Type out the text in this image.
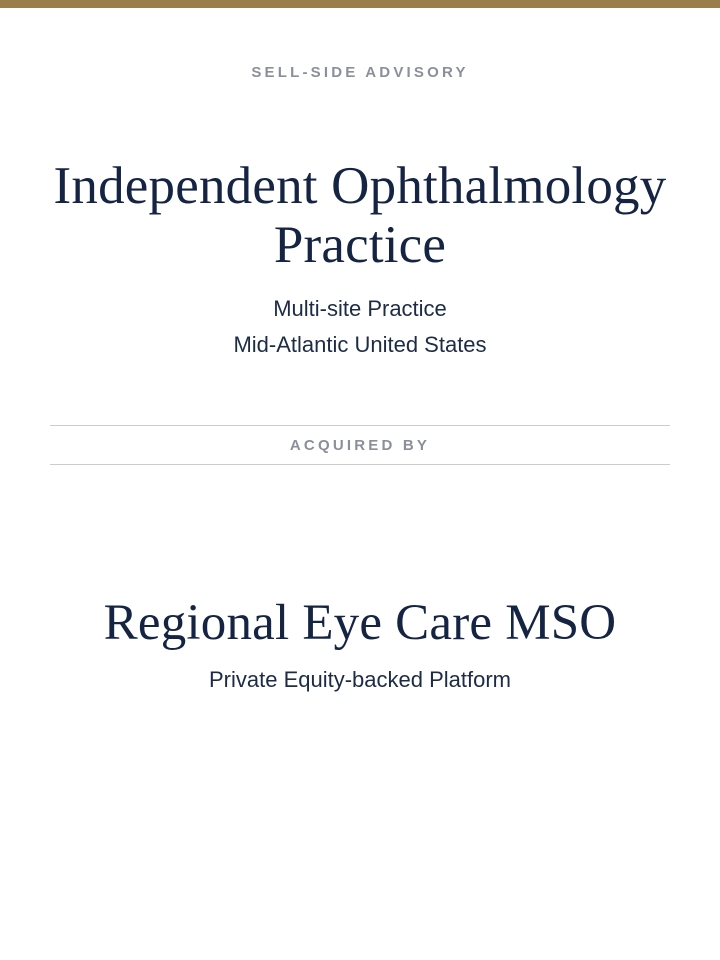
SELL-SIDE ADVISORY
Independent Ophthalmology Practice
Multi-site Practice
Mid-Atlantic United States
ACQUIRED BY
Regional Eye Care MSO
Private Equity-backed Platform
